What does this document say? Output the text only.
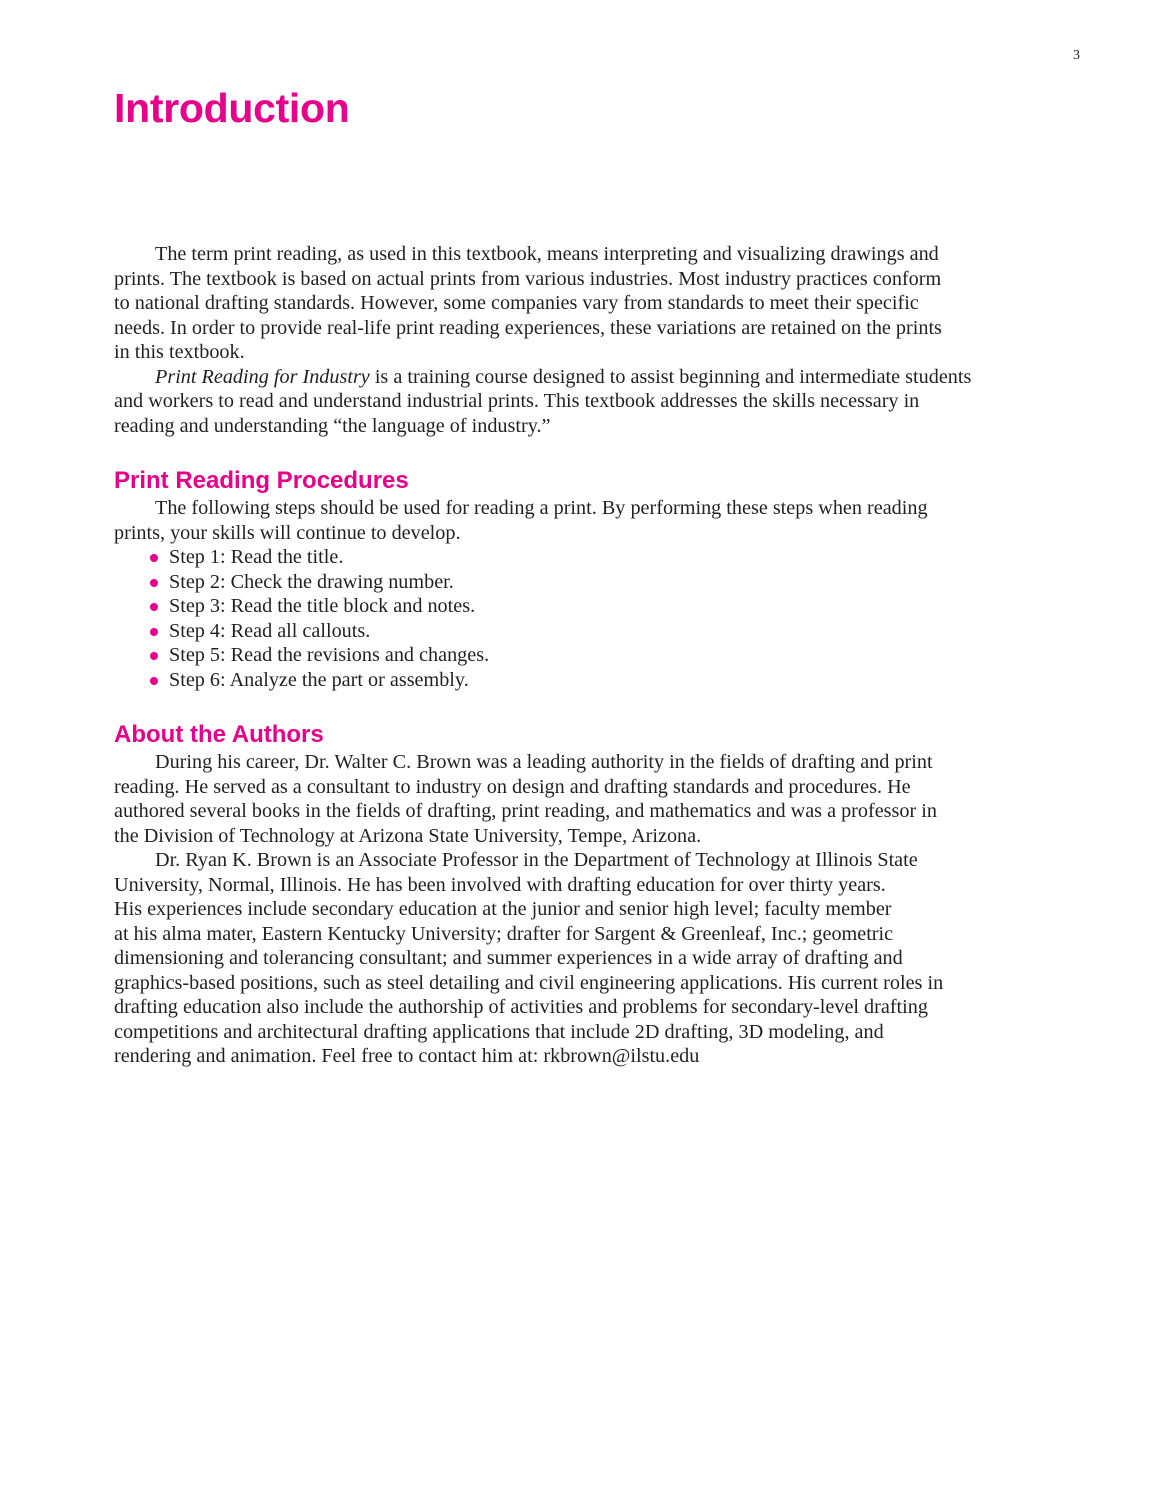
3
Introduction

The term print reading, as used in this textbook, means interpreting and visualizing drawings and
prints. The textbook is based on actual prints from various industries. Most industry practices conform
to national drafting standards. However, some companies vary from standards to meet their specific
needs. In order to provide real-life print reading experiences, these variations are retained on the prints
in this textbook.

Print Reading for Industry is a training course designed to assist beginning and intermediate students
and workers to read and understand industrial prints. This textbook addresses the skills necessary in
reading and understanding “the language of industry.”

Print Reading Procedures

The following steps should be used for reading a print. By performing these steps when reading
prints, your skills will continue to develop.

Step 1: Read the title.
Step 2: Check the drawing number.
Step 3: Read the title block and notes.
Step 4: Read all callouts.
Step 5: Read the revisions and changes.
Step 6: Analyze the part or assembly.
About the Authors

During his career, Dr. Walter C. Brown was a leading authority in the fields of drafting and print
reading. He served as a consultant to industry on design and drafting standards and procedures. He
authored several books in the fields of drafting, print reading, and mathematics and was a professor in
the Division of Technology at Arizona State University, Tempe, Arizona.

Dr. Ryan K. Brown is an Associate Professor in the Department of Technology at Illinois State
University, Normal, Illinois. He has been involved with drafting education for over thirty years.
His experiences include secondary education at the junior and senior high level; faculty member
at his alma mater, Eastern Kentucky University; drafter for Sargent & Greenleaf, Inc.; geometric
dimensioning and tolerancing consultant; and summer experiences in a wide array of drafting and
graphics-based positions, such as steel detailing and civil engineering applications. His current roles in
drafting education also include the authorship of activities and problems for secondary-level drafting
competitions and architectural drafting applications that include 2D drafting, 3D modeling, and
rendering and animation. Feel free to contact him at: rkbrown@ilstu.edu
